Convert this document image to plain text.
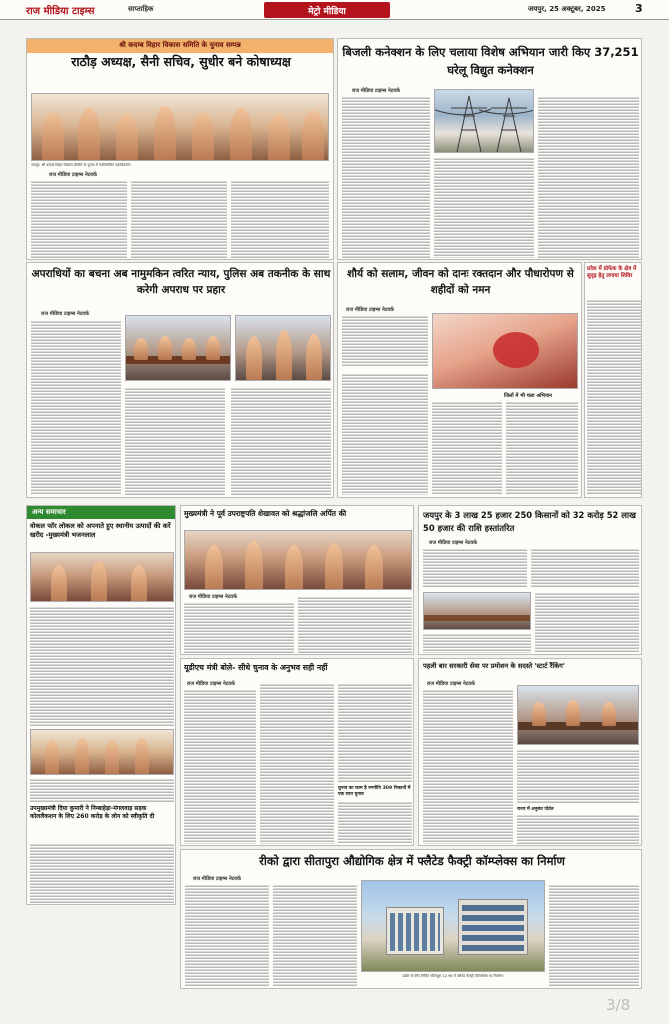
राज मीडिया टाइम्स	साप्ताहिक	मेट्रो मीडिया	जयपुर, 25 अक्टूबर, 2025	3
श्री कदम्ब विहार विकास समिति के चुनाव सम्पन्न
राठौड़ अध्यक्ष, सैनी सचिव, सुधीर बने कोषाध्यक्ष
जयपुर: श्री कदम्ब विहार विकास समिति के चुनाव में नवनिर्वाचित पदाधिकारी।
राज मीडिया टाइम्स नेटवर्क
बिजली कनेक्शन के लिए चलाया विशेष अभियान जारी किए 37,251 घरेलू विद्युत कनेक्शन
राज मीडिया टाइम्स नेटवर्क
अपराधियों का बचना अब नामुमकिन त्वरित न्याय, पुलिस अब तकनीक के साथ करेगी अपराध पर प्रहार
राज मीडिया टाइम्स नेटवर्क
शौर्य को सलाम, जीवन को दानः रक्तदान और पौधारोपण से शहीदों को नमन
राज मीडिया टाइम्स नेटवर्क
जिलों में भी चला अभियान
प्रदेश में प्रोफेक के क्षेत्र में सुदृढ़ हेतु लगाया शिविर
अन्य समाचार
वोकल फॉर लोकल को अपनाते हुए स्थानीय उत्पादों की करें खरीद -मुख्यमंत्री भजनलाल
उपमुख्यमंत्री दिया कुमारी ने निम्बाहेड़ा-मंगलवाड़ सड़क कोललैकशन के लिए 260 करोड़ के लोन को स्वीकृति दी
मुख्यमंत्री ने पूर्व उपराष्ट्रपति शेखावत को श्रद्धांजलि अर्पित की
राज मीडिया टाइम्स नेटवर्क
जयपुर के 3 लाख 25 हजार 250 किसानों को 32 करोड़ 52 लाख 50 हजार की राशि हस्तांतरित
राज मीडिया टाइम्स नेटवर्क
यूडीएच मंत्री बोले- सीधे चुनाव के अनुभव सही नहीं
राज मीडिया टाइम्स नेटवर्क
चुनाव का काम है रणनीति 309 निकायों में एक साथ चुनाव
पहली बार सरकारी सेवा पर प्रमोशन के सदस्ते 'स्टार्ट रैंकिंग'
राज मीडिया टाइम्स नेटवर्क
राज्य में अनुबंध पोर्टल
रीको द्वारा सीतापुरा औद्योगिक क्षेत्र में फ्लैटेड फैक्ट्री कॉम्प्लेक्स का निर्माण
राज मीडिया टाइम्स नेटवर्क
उद्योग के लिए निर्मित सीतापुरा 12.96 में फ्लैटेड फैक्ट्री कॉम्प्लेक्स का निर्माण।
3/8
